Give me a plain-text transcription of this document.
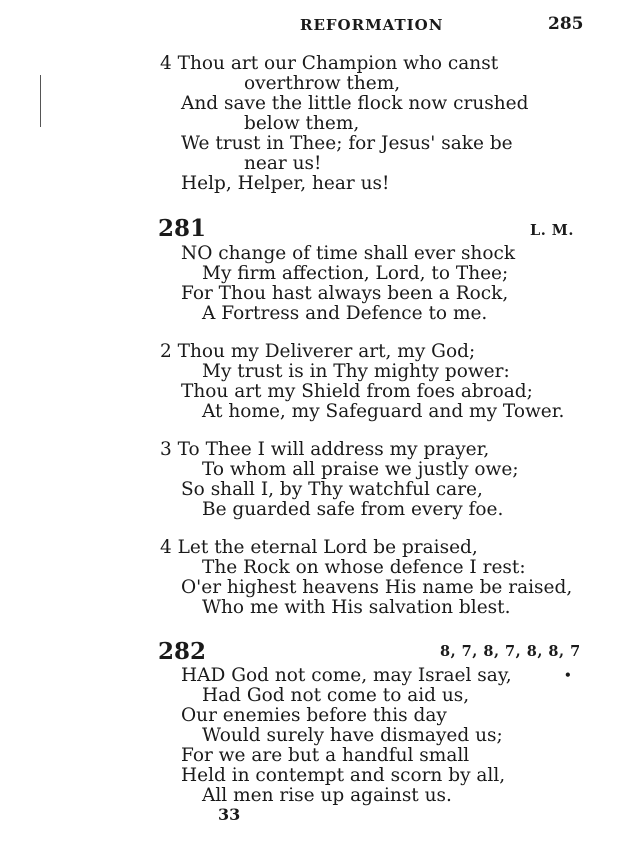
REFORMATION	285
4 Thou art our Champion who canst
overthrow them,
And save the little flock now crushed
below them,
We trust in Thee; for Jesus' sake be
near us!
Help, Helper, hear us!
281	L. M.
NO change of time shall ever shock
My firm affection, Lord, to Thee;
For Thou hast always been a Rock,
A Fortress and Defence to me.
2 Thou my Deliverer art, my God;
My trust is in Thy mighty power:
Thou art my Shield from foes abroad;
At home, my Safeguard and my Tower.
3 To Thee I will address my prayer,
To whom all praise we justly owe;
So shall I, by Thy watchful care,
Be guarded safe from every foe.
4 Let the eternal Lord be praised,
The Rock on whose defence I rest:
O'er highest heavens His name be raised,
Who me with His salvation blest.
282	8, 7, 8, 7, 8, 8, 7
•
HAD God not come, may Israel say,
Had God not come to aid us,
Our enemies before this day
Would surely have dismayed us;
For we are but a handful small
Held in contempt and scorn by all,
All men rise up against us.
33
